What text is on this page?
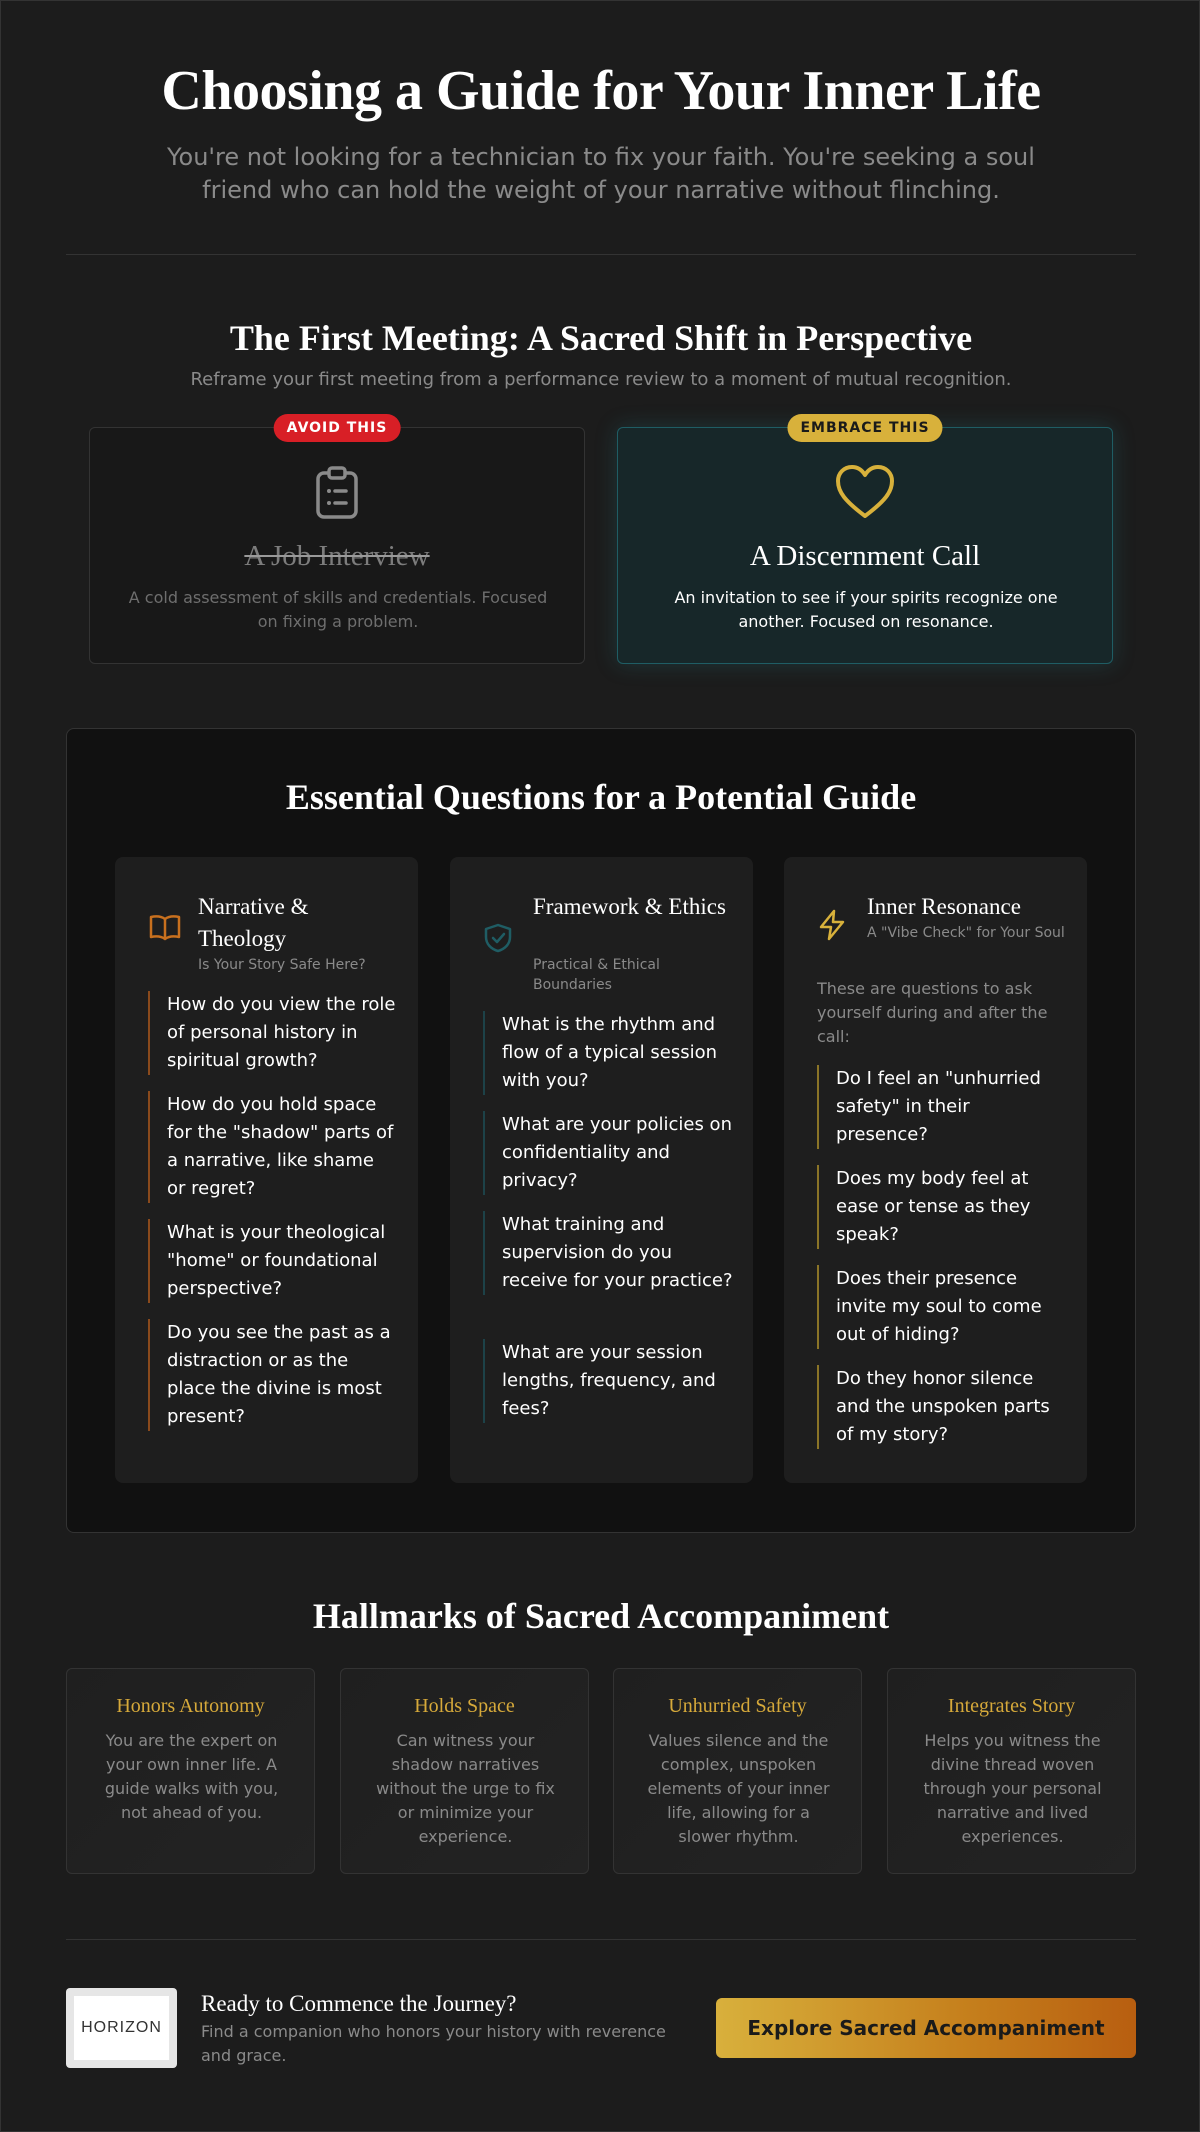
Choosing a Guide for Your Inner Life

You're not looking for a technician to fix your faith. You're seeking a soul friend who can hold the weight of your narrative without flinching.

The First Meeting: A Sacred Shift in Perspective

Reframe your first meeting from a performance review to a moment of mutual recognition.

AVOID THIS
A Job Interview

A cold assessment of skills and credentials. Focused on fixing a problem.

EMBRACE THIS
A Discernment Call

An invitation to see if your spirits recognize one another. Focused on resonance.

Essential Questions for a Potential Guide
Narrative & Theology
Is Your Story Safe Here?
How do you view the role of personal history in spiritual growth?
How do you hold space for the "shadow" parts of a narrative, like shame or regret?
What is your theological "home" or foundational perspective?
Do you see the past as a distraction or as the place the divine is most present?
Framework & Ethics
Practical & Ethical Boundaries
What is the rhythm and flow of a typical session with you?
What are your policies on confidentiality and privacy?
What training and supervision do you receive for your practice?
What are your session lengths, frequency, and fees?
Inner Resonance
A "Vibe Check" for Your Soul

These are questions to ask yourself during and after the call:

Do I feel an "unhurried safety" in their presence?
Does my body feel at ease or tense as they speak?
Does their presence invite my soul to come out of hiding?
Do they honor silence and the unspoken parts of my story?
Hallmarks of Sacred Accompaniment
Honors Autonomy

You are the expert on your own inner life. A guide walks with you, not ahead of you.

Holds Space

Can witness your shadow narratives without the urge to fix or minimize your experience.

Unhurried Safety

Values silence and the complex, unspoken elements of your inner life, allowing for a slower rhythm.

Integrates Story

Helps you witness the divine thread woven through your personal narrative and lived experiences.

HORIZON
Ready to Commence the Journey?

Find a companion who honors your history with reverence and grace.

Explore Sacred Accompaniment
